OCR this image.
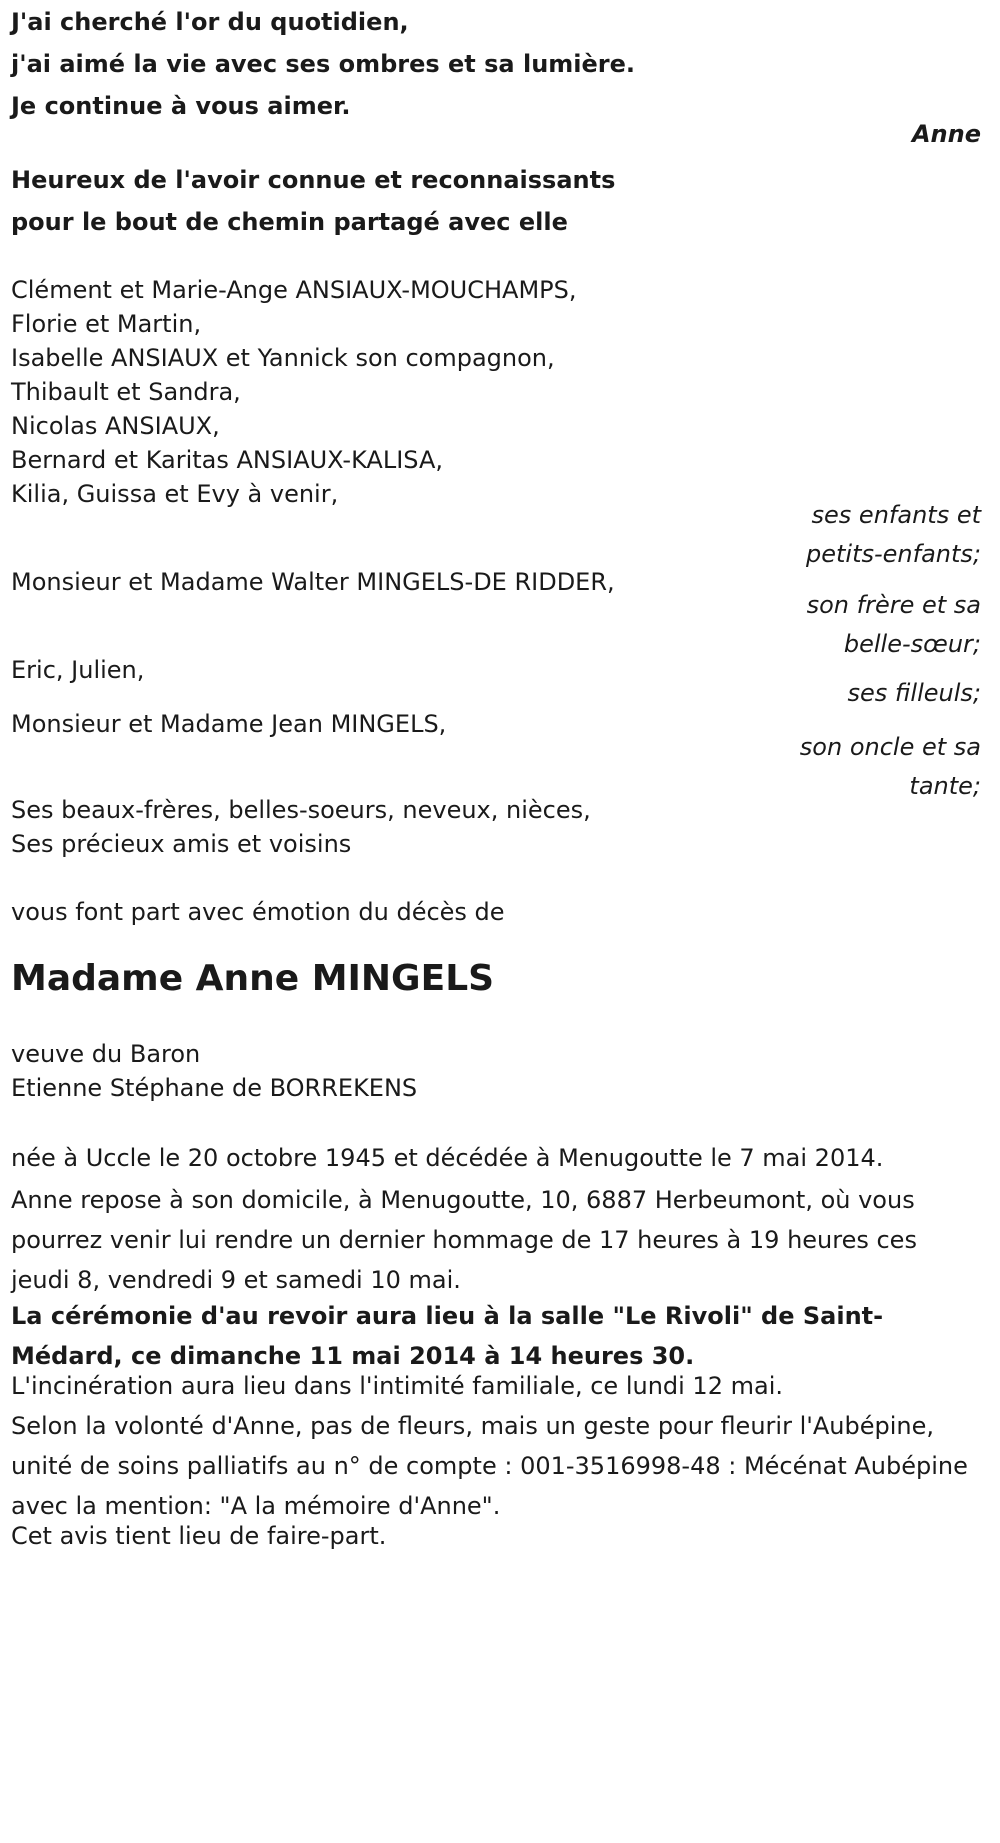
J'ai cherché l'or du quotidien,
j'ai aimé la vie avec ses ombres et sa lumière.
Je continue à vous aimer.
Anne
Heureux de l'avoir connue et reconnaissants
pour le bout de chemin partagé avec elle
Clément et Marie-Ange ANSIAUX-MOUCHAMPS,
Florie et Martin,
Isabelle ANSIAUX et Yannick son compagnon,
Thibault et Sandra,
Nicolas ANSIAUX,
Bernard et Karitas ANSIAUX-KALISA,
Kilia, Guissa et Evy à venir,
ses enfants et
petits-enfants;
Monsieur et Madame Walter MINGELS-DE RIDDER,
son frère et sa
belle-sœur;
Eric, Julien,
ses filleuls;
Monsieur et Madame Jean MINGELS,
son oncle et sa
tante;
Ses beaux-frères, belles-soeurs, neveux, nièces,
Ses précieux amis et voisins
vous font part avec émotion du décès de
Madame Anne MINGELS
veuve du Baron
Etienne Stéphane de BORREKENS
née à Uccle le 20 octobre 1945 et décédée à Menugoutte le 7 mai 2014.
Anne repose à son domicile, à Menugoutte, 10, 6887 Herbeumont, où vous pourrez venir lui rendre un dernier hommage de 17 heures à 19 heures ces jeudi 8, vendredi 9 et samedi 10 mai.
La cérémonie d'au revoir aura lieu à la salle "Le Rivoli" de Saint-Médard, ce dimanche 11 mai 2014 à 14 heures 30.
L'incinération aura lieu dans l'intimité familiale, ce lundi 12 mai.
Selon la volonté d'Anne, pas de fleurs, mais un geste pour fleurir l'Aubépine, unité de soins palliatifs au n° de compte : 001-3516998-48 : Mécénat Aubépine avec la mention: "A la mémoire d'Anne".
Cet avis tient lieu de faire-part.
